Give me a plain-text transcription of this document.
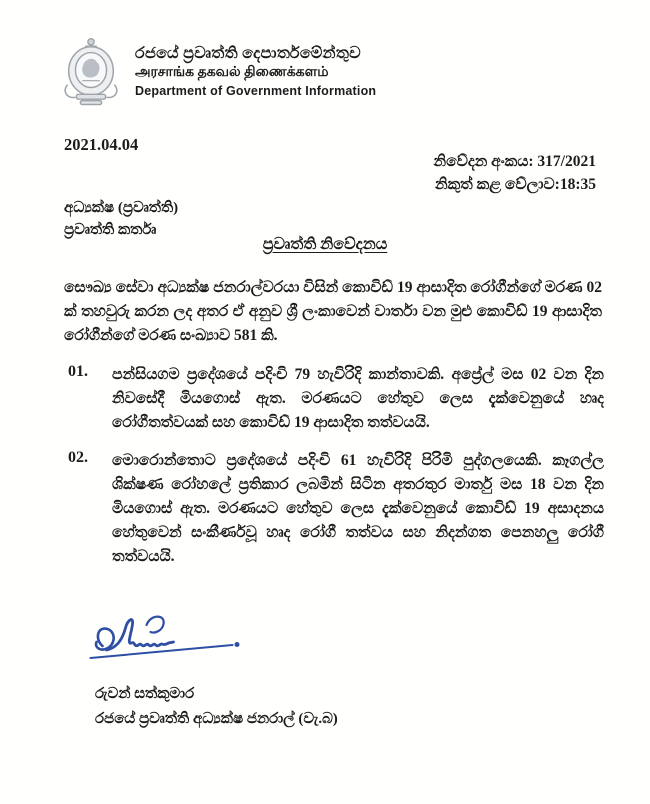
රජයේ ප්‍රවෘත්ති දෙපාර්තමේන්තුව
அரசாங்க தகவல் திணைக்களம்
Department of Government Information
2021.04.04
නිවේදන අංකය: 317/2021
නිකුත් කළ වේලාව:18:35
අධ්‍යක්ෂ (ප්‍රවෘත්ති)
ප්‍රවෘත්ති කර්තෘ
ප්‍රවෘත්ති නිවේදනය

සෞඛ්‍ය සේවා අධ්‍යක්ෂ ජනරාල්වරයා විසින් කොවිඩ් 19 ආසාදිත රෝගීන්ගේ මරණ 02 ක් තහවුරු කරන ලද අතර ඒ අනුව ශ්‍රී ලංකාවෙන් වාර්තා වන මුළු කොවිඩ් 19 ආසාදිත රෝගීන්ගේ මරණ සංඛ්‍යාව 581 කි.

01.	පන්සියගම ප්‍රදේශයේ පදිංචි 79 හැවිරිදි කාන්තාවකි. අප්‍රේල් මස 02 වන දින නිවසේදී මියගොස් ඇත. මරණයට හේතුව ලෙස දැක්වෙනුයේ හෘද රෝගීතත්වයක් සහ කොවිඩ් 19 ආසාදිත තත්වයයි.

02.	මොරොන්තොට ප්‍රදේශයේ පදිංචි 61 හැවිරිදි පිරිමි පුද්ගලයෙකි. කෑගල්ල ශික්ෂණ රෝහලේ ප්‍රතිකාර ලබමින් සිටින අතරතුර මාර්තු මස 18 වන දින මියගොස් ඇත. මරණයට හේතුව ලෙස දැක්වෙනුයේ කොවිඩ් 19 අසාදනය හේතුවෙන් සංකීර්ණවූ හෘද රෝගී තත්වය සහ නිදන්ගත පෙනහලු රෝගී තත්වයයි.

රුවන් සත්කුමාර
රජයේ ප්‍රවෘත්ති අධ්‍යක්ෂ ජනරාල් (වැ.බ)
